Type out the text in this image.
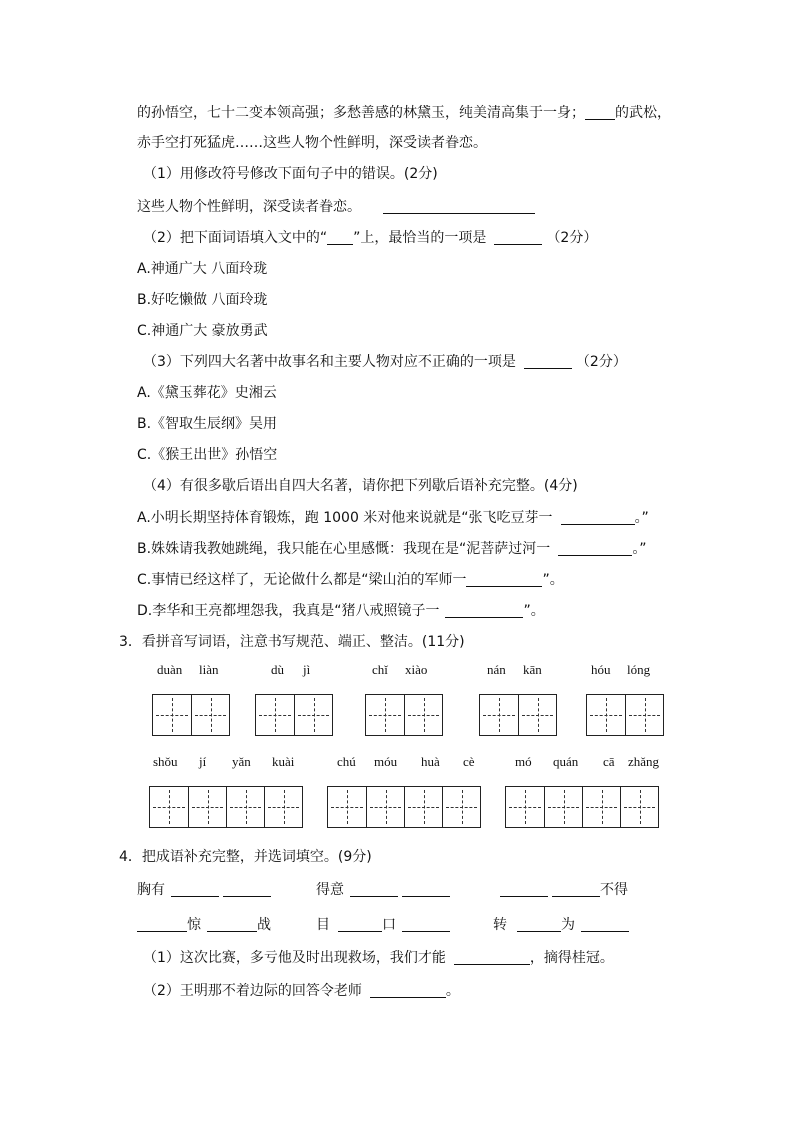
的孙悟空，七十二变本领高强；多愁善感的林黛玉，纯美清高集于一身； 的武松，
赤手空打死猛虎……这些人物个性鲜明，深受读者眷恋。
（1）用修改符号修改下面句子中的错误。(2分)
这些人物个性鲜明，深受读者眷恋。
（2）把下面词语填入文中的“ ”上，最恰当的一项是	（2分）
A.神通广大 八面玲珑
B.好吃懒做 八面玲珑
C.神通广大 豪放勇武
（3）下列四大名著中故事名和主要人物对应不正确的一项是	（2分）
A.《黛玉葬花》史湘云
B.《智取生辰纲》吴用
C.《猴王出世》孙悟空
（4）有很多歇后语出自四大名著，请你把下列歇后语补充完整。(4分)
A.小明长期坚持体育锻炼，跑 1000 米对他来说就是“张飞吃豆芽一	。”
B.姝姝请我教她跳绳，我只能在心里感慨：我现在是“泥菩萨过河一	。”
C.事情已经这样了，无论做什么都是“梁山泊的军师一	”。
D.李华和王亮都埋怨我，我真是“猪八戒照镜子一	”。
3．看拼音写词语，注意书写规范、端正、整洁。(11分)
duàn liàn	dù jì	chǐ xiào	nán kān	hóu lóng
shǒu jí yǎn kuài	chú móu huà cè	mó quán cā zhǎng
4．把成语补充完整，并选词填空。(9分)
胸有	得意	不得
惊	战	目	口	转	为
（1）这次比赛，多亏他及时出现救场，我们才能	，摘得桂冠。
（2）王明那不着边际的回答令老师	。
